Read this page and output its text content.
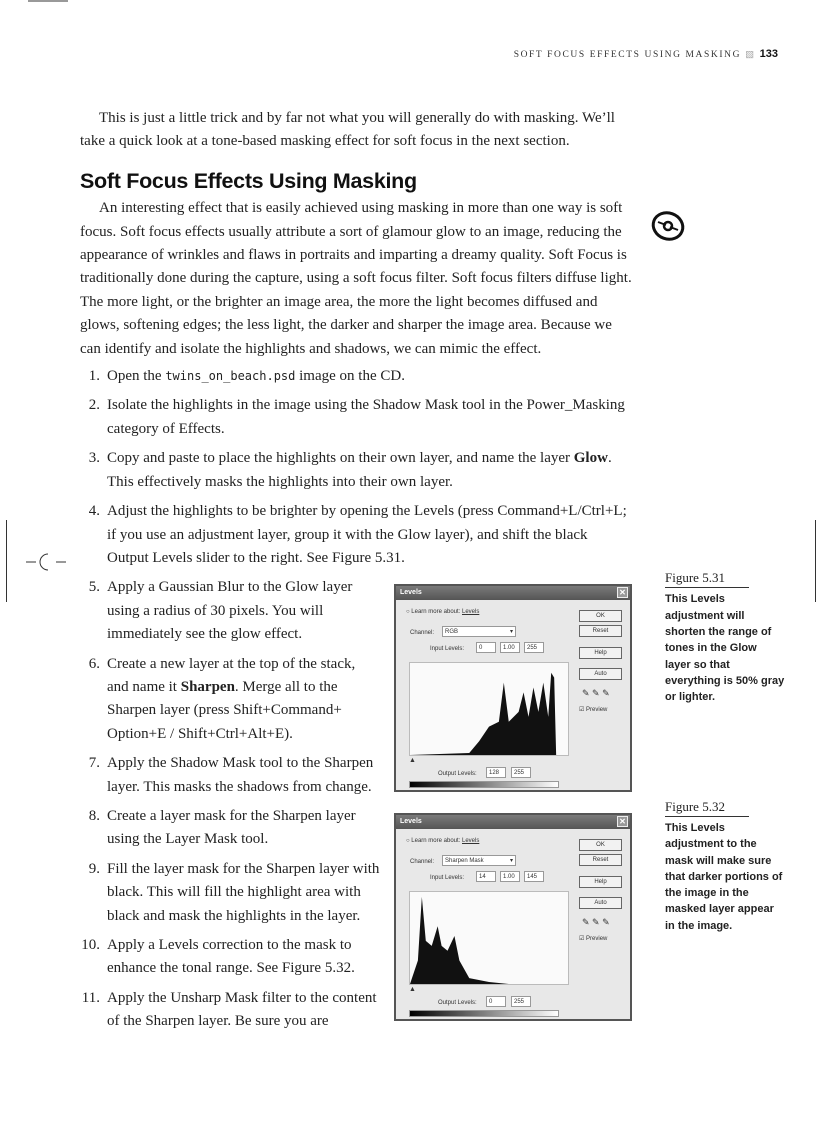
SOFT FOCUS EFFECTS USING MASKING ▧ 133

This is just a little trick and by far not what you will generally do with masking. We’ll take a quick look at a tone-based masking effect for soft focus in the next section.

Soft Focus Effects Using Masking

An interesting effect that is easily achieved using masking in more than one way is soft focus. Soft focus effects usually attribute a sort of glamour glow to an image, reducing the appearance of wrinkles and flaws in portraits and imparting a dreamy quality. Soft Focus is traditionally done during the capture, using a soft focus filter. Soft focus filters diffuse light. The more light, or the brighter an image area, the more the light becomes diffused and glows, softening edges; the less light, the darker and sharper the image area. Because we can identify and isolate the highlights and shadows, we can mimic the effect.

1. Open the twins_on_beach.psd image on the CD.
2. Isolate the highlights in the image using the Shadow Mask tool in the Power_Masking category of Effects.
3. Copy and paste to place the highlights on their own layer, and name the layer Glow. This effectively masks the highlights into their own layer.
4. Adjust the highlights to be brighter by opening the Levels (press Command+L/Ctrl+L; if you use an adjustment layer, group it with the Glow layer), and shift the black Output Levels slider to the right. See Figure 5.31.
Levels	✕
○ Learn more about: Levels
Channel:	RGB	▾
Input Levels:	0	1.00	255
▲
Output Levels:	128	255
OK
Reset
Help
Auto
✎ ✎ ✎
☑ Preview
Figure 5.31
This Levels adjustment will shorten the range of tones in the Glow layer so that everything is 50% gray or lighter.
5. Apply a Gaussian Blur to the Glow layer using a radius of 30 pixels. You will immediately see the glow effect.
6. Create a new layer at the top of the stack, and name it Sharpen. Merge all to the Sharpen layer (press Shift+Command+ Option+E / Shift+Ctrl+Alt+E).
7. Apply the Shadow Mask tool to the Sharpen layer. This masks the shadows from change.
Levels	✕
○ Learn more about: Levels
Channel:	Sharpen Mask	▾
Input Levels:	14	1.00	145
▲
Output Levels:	0	255
OK
Reset
Help
Auto
✎ ✎ ✎
☑ Preview
Figure 5.32
This Levels adjustment to the mask will make sure that darker portions of the image in the masked layer appear in the image.
8. Create a layer mask for the Sharpen layer using the Layer Mask tool.
9. Fill the layer mask for the Sharpen layer with black. This will fill the highlight area with black and mask the highlights in the layer.
10. Apply a Levels correction to the mask to enhance the tonal range. See Figure 5.32.
11. Apply the Unsharp Mask filter to the content of the Sharpen layer. Be sure you are
